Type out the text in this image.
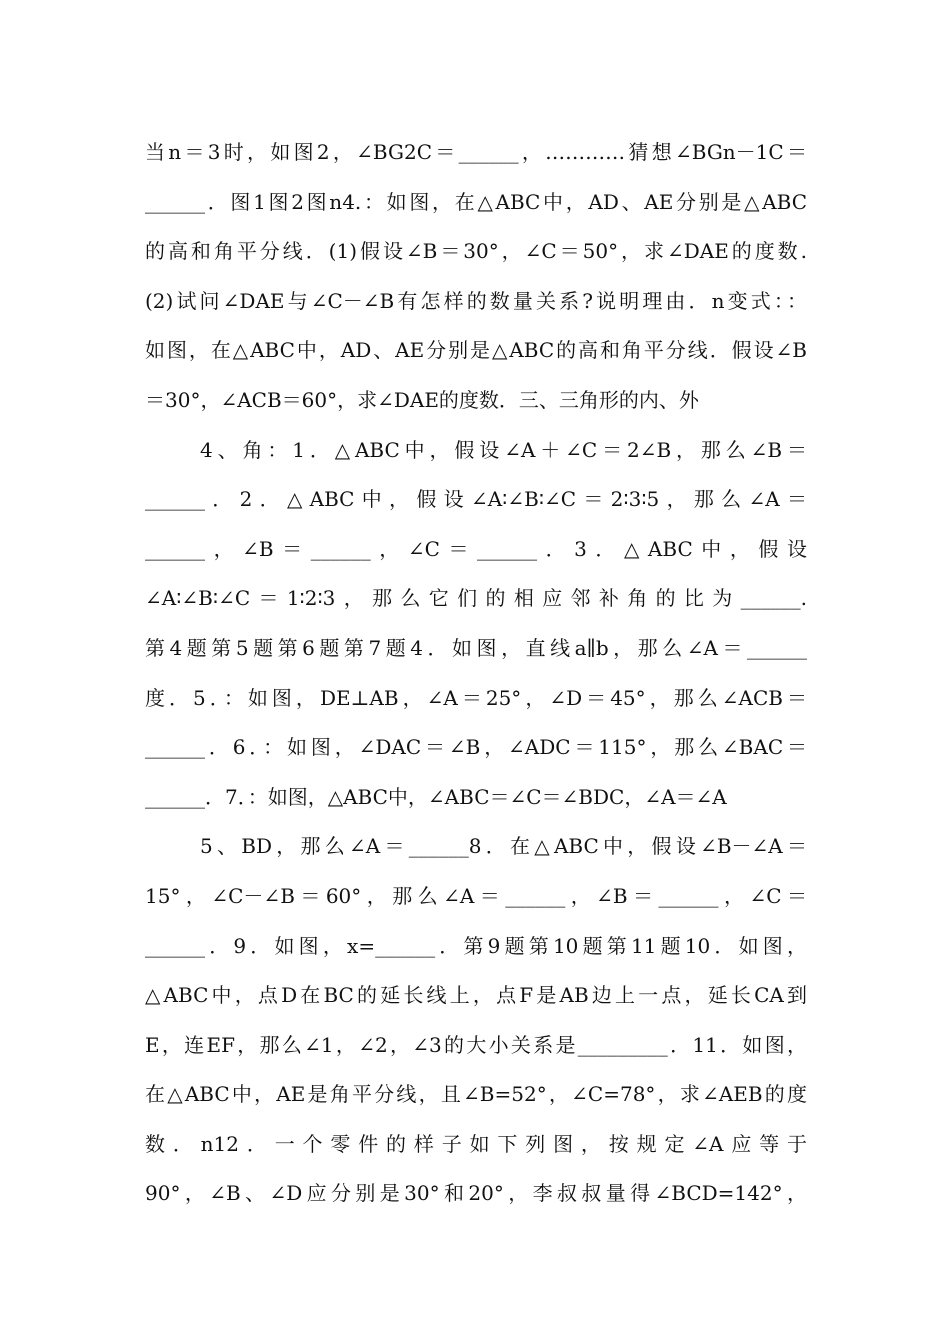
当n＝3时，如图2，∠BG2C＝______，…………猜想∠BGn－1C＝
______．图1图2图n4.：如图，在△ABC中，AD、AE分别是△ABC
的高和角平分线．(1)假设∠B＝30°，∠C＝50°，求∠DAE的度数.
(2)试问∠DAE与∠C－∠B有怎样的数量关系?说明理由．n变式：：
如图，在△ABC中，AD、AE分别是△ABC的高和角平分线．假设∠B
＝30°，∠ACB＝60°，求∠DAE的度数．三、三角形的内、外
4、角：1．△ABC中，假设∠A＋∠C＝2∠B，那么∠B＝
______．2．△ABC中，假设∠A∶∠B∶∠C＝2∶3∶5，那么∠A＝
______，∠B＝______，∠C＝______．3．△ABC中，假设
∠A∶∠B∶∠C＝1∶2∶3，那么它们的相应邻补角的比为______.
第4题第5题第6题第7题4．如图，直线a∥b，那么∠A＝______
度．5．：如图，DE⊥AB，∠A＝25°，∠D＝45°，那么∠ACB＝
______．6．：如图，∠DAC＝∠B，∠ADC＝115°，那么∠BAC＝
______．7．：如图，△ABC中，∠ABC＝∠C＝∠BDC，∠A＝∠A
5、BD，那么∠A＝______8．在△ABC中，假设∠B－∠A＝
15°，∠C－∠B＝60°，那么∠A＝______，∠B＝______，∠C＝
______．9．如图，x=______．第9题第10题第11题10．如图，
△ABC中，点D在BC的延长线上，点F是AB边上一点，延长CA到
E，连EF，那么∠1，∠2，∠3的大小关系是_________．11．如图，
在△ABC中，AE是角平分线，且∠B=52°，∠C=78°，求∠AEB的度
数．n12．一个零件的样子如下列图，按规定∠A应等于
90°，∠B、∠D应分别是30°和20°，李叔叔量得∠BCD=142°，
